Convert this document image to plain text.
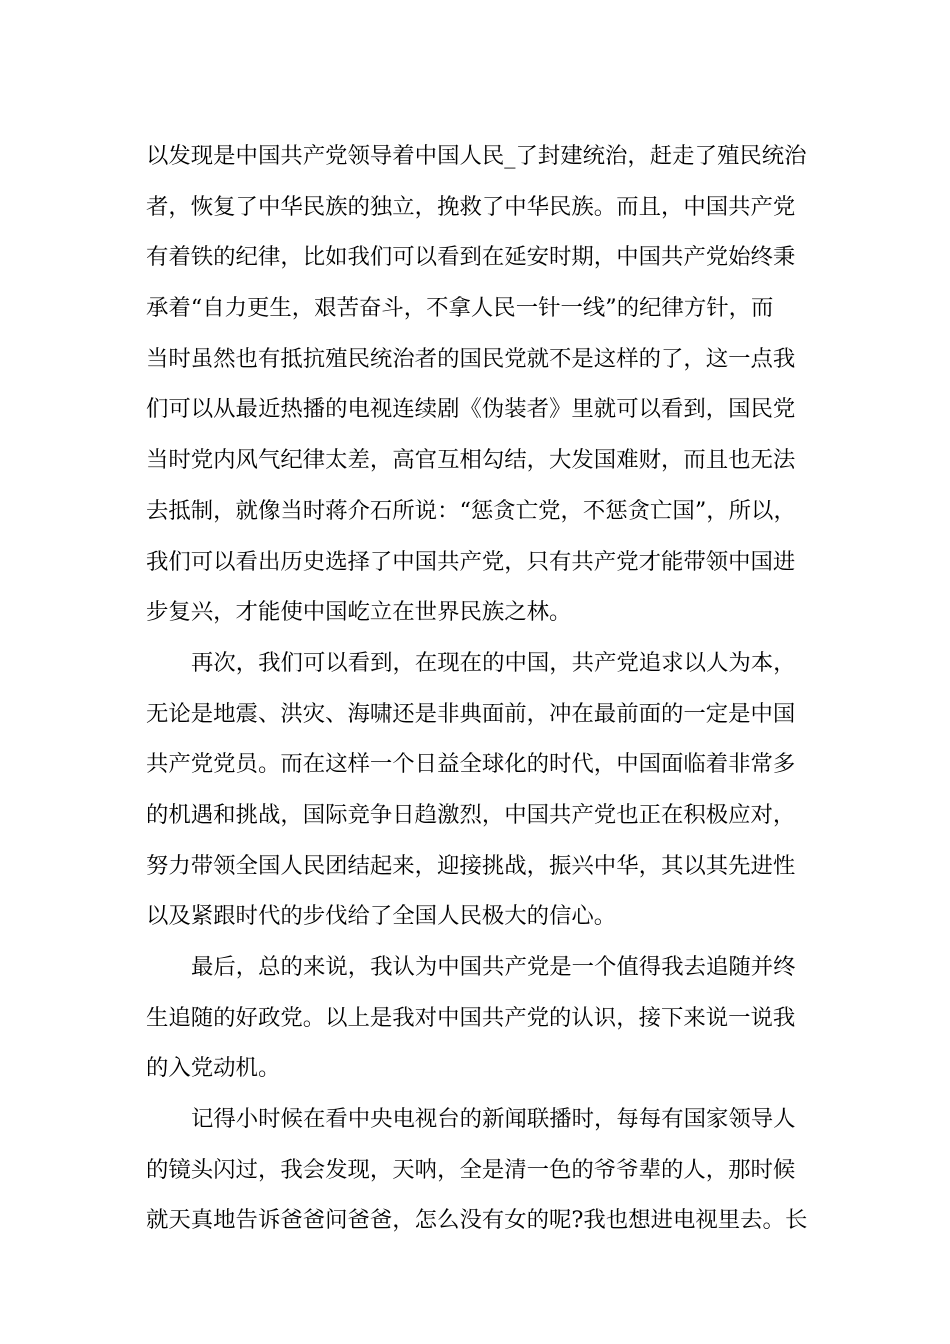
以发现是中国共产党领导着中国人民_了封建统治，赶走了殖民统治
者，恢复了中华民族的独立，挽救了中华民族。而且，中国共产党
有着铁的纪律，比如我们可以看到在延安时期，中国共产党始终秉
承着“自力更生，艰苦奋斗，不拿人民一针一线”的纪律方针，而
当时虽然也有抵抗殖民统治者的国民党就不是这样的了，这一点我
们可以从最近热播的电视连续剧《伪装者》里就可以看到，国民党
当时党内风气纪律太差，高官互相勾结，大发国难财，而且也无法
去抵制，就像当时蒋介石所说：“惩贪亡党，不惩贪亡国”，所以，
我们可以看出历史选择了中国共产党，只有共产党才能带领中国进
步复兴，才能使中国屹立在世界民族之林。
再次，我们可以看到，在现在的中国，共产党追求以人为本，
无论是地震、洪灾、海啸还是非典面前，冲在最前面的一定是中国
共产党党员。而在这样一个日益全球化的时代，中国面临着非常多
的机遇和挑战，国际竞争日趋激烈，中国共产党也正在积极应对，
努力带领全国人民团结起来，迎接挑战，振兴中华，其以其先进性
以及紧跟时代的步伐给了全国人民极大的信心。
最后，总的来说，我认为中国共产党是一个值得我去追随并终
生追随的好政党。以上是我对中国共产党的认识，接下来说一说我
的入党动机。
记得小时候在看中央电视台的新闻联播时，每每有国家领导人
的镜头闪过，我会发现，天呐，全是清一色的爷爷辈的人，那时候
就天真地告诉爸爸问爸爸，怎么没有女的呢?我也想进电视里去。长
